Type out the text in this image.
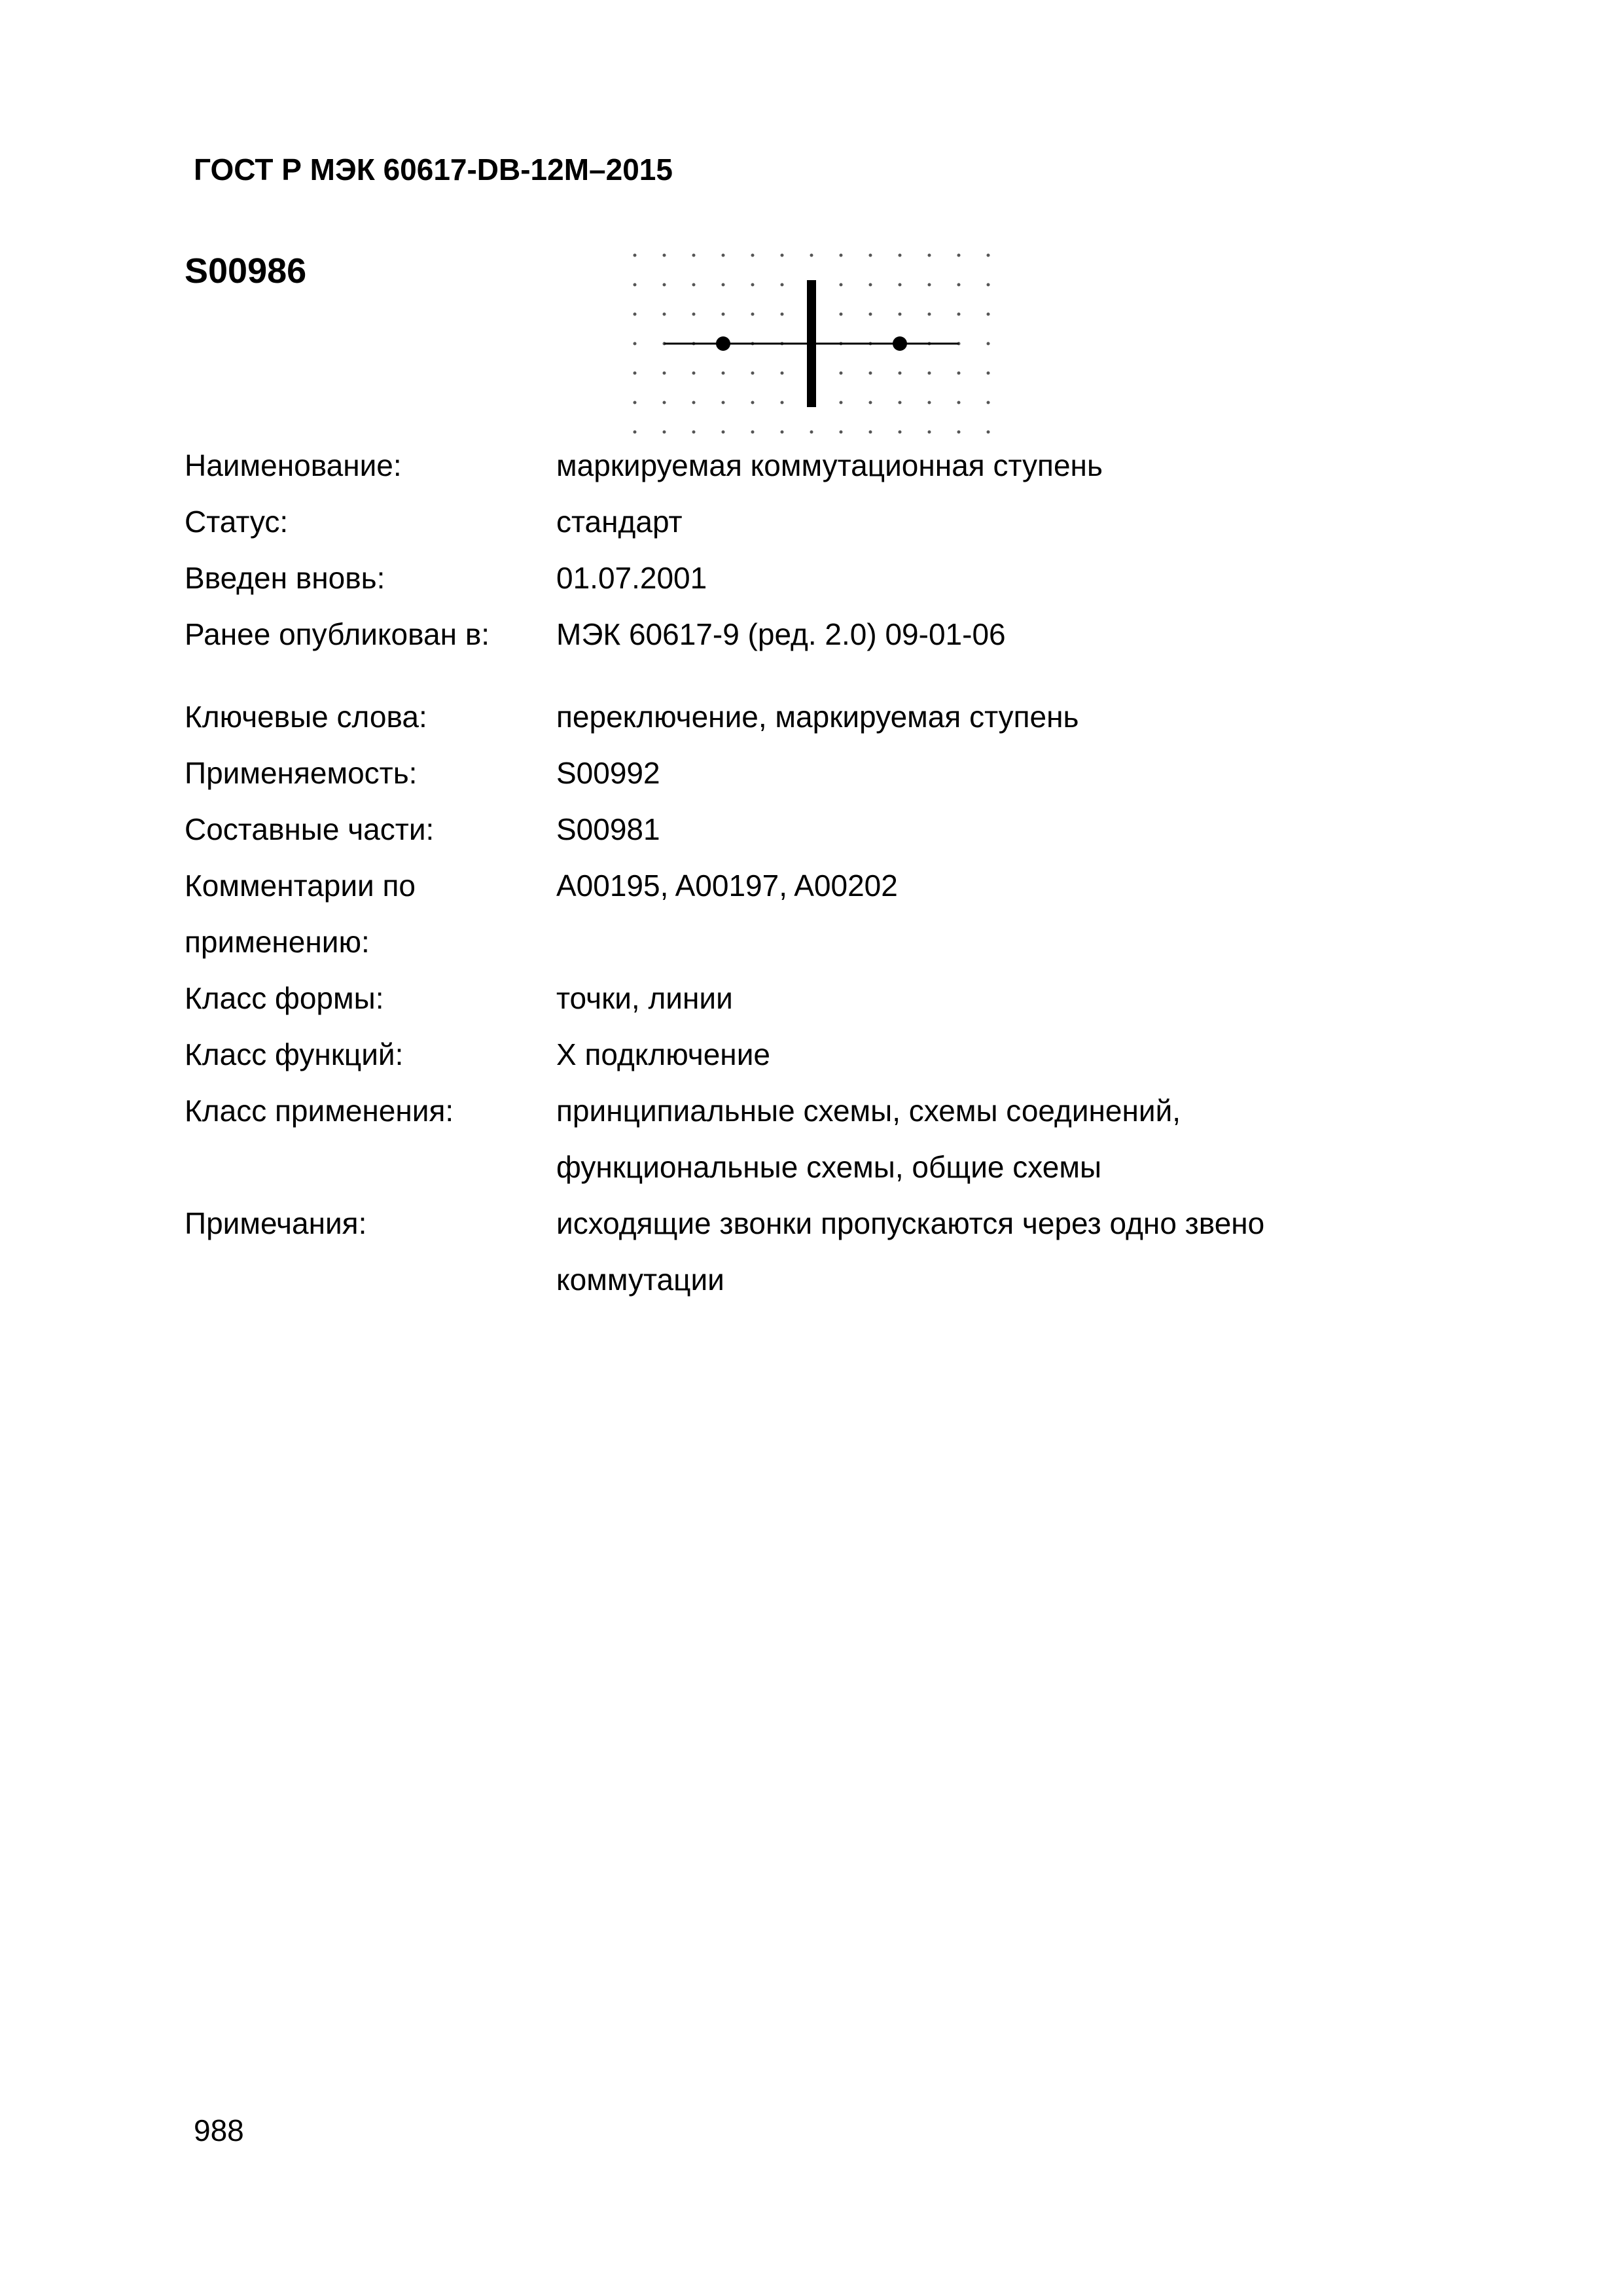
ГОСТ Р МЭК 60617-DB-12M–2015
S00986
Наименование:	маркируемая коммутационная ступень
Статус:	стандарт
Введен вновь:	01.07.2001
Ранее опубликован в:	МЭК 60617-9 (ред. 2.0) 09-01-06
Ключевые слова:	переключение, маркируемая ступень
Применяемость:	S00992
Составные части:	S00981
Комментарии по применению:
A00195, A00197, A00202
Класс формы:	точки, линии
Класс функций:	X подключение
Класс применения:	принципиальные схемы, схемы соединений, функциональные схемы, общие схемы
Примечания:	исходящие звонки пропускаются через одно звено коммутации
988
